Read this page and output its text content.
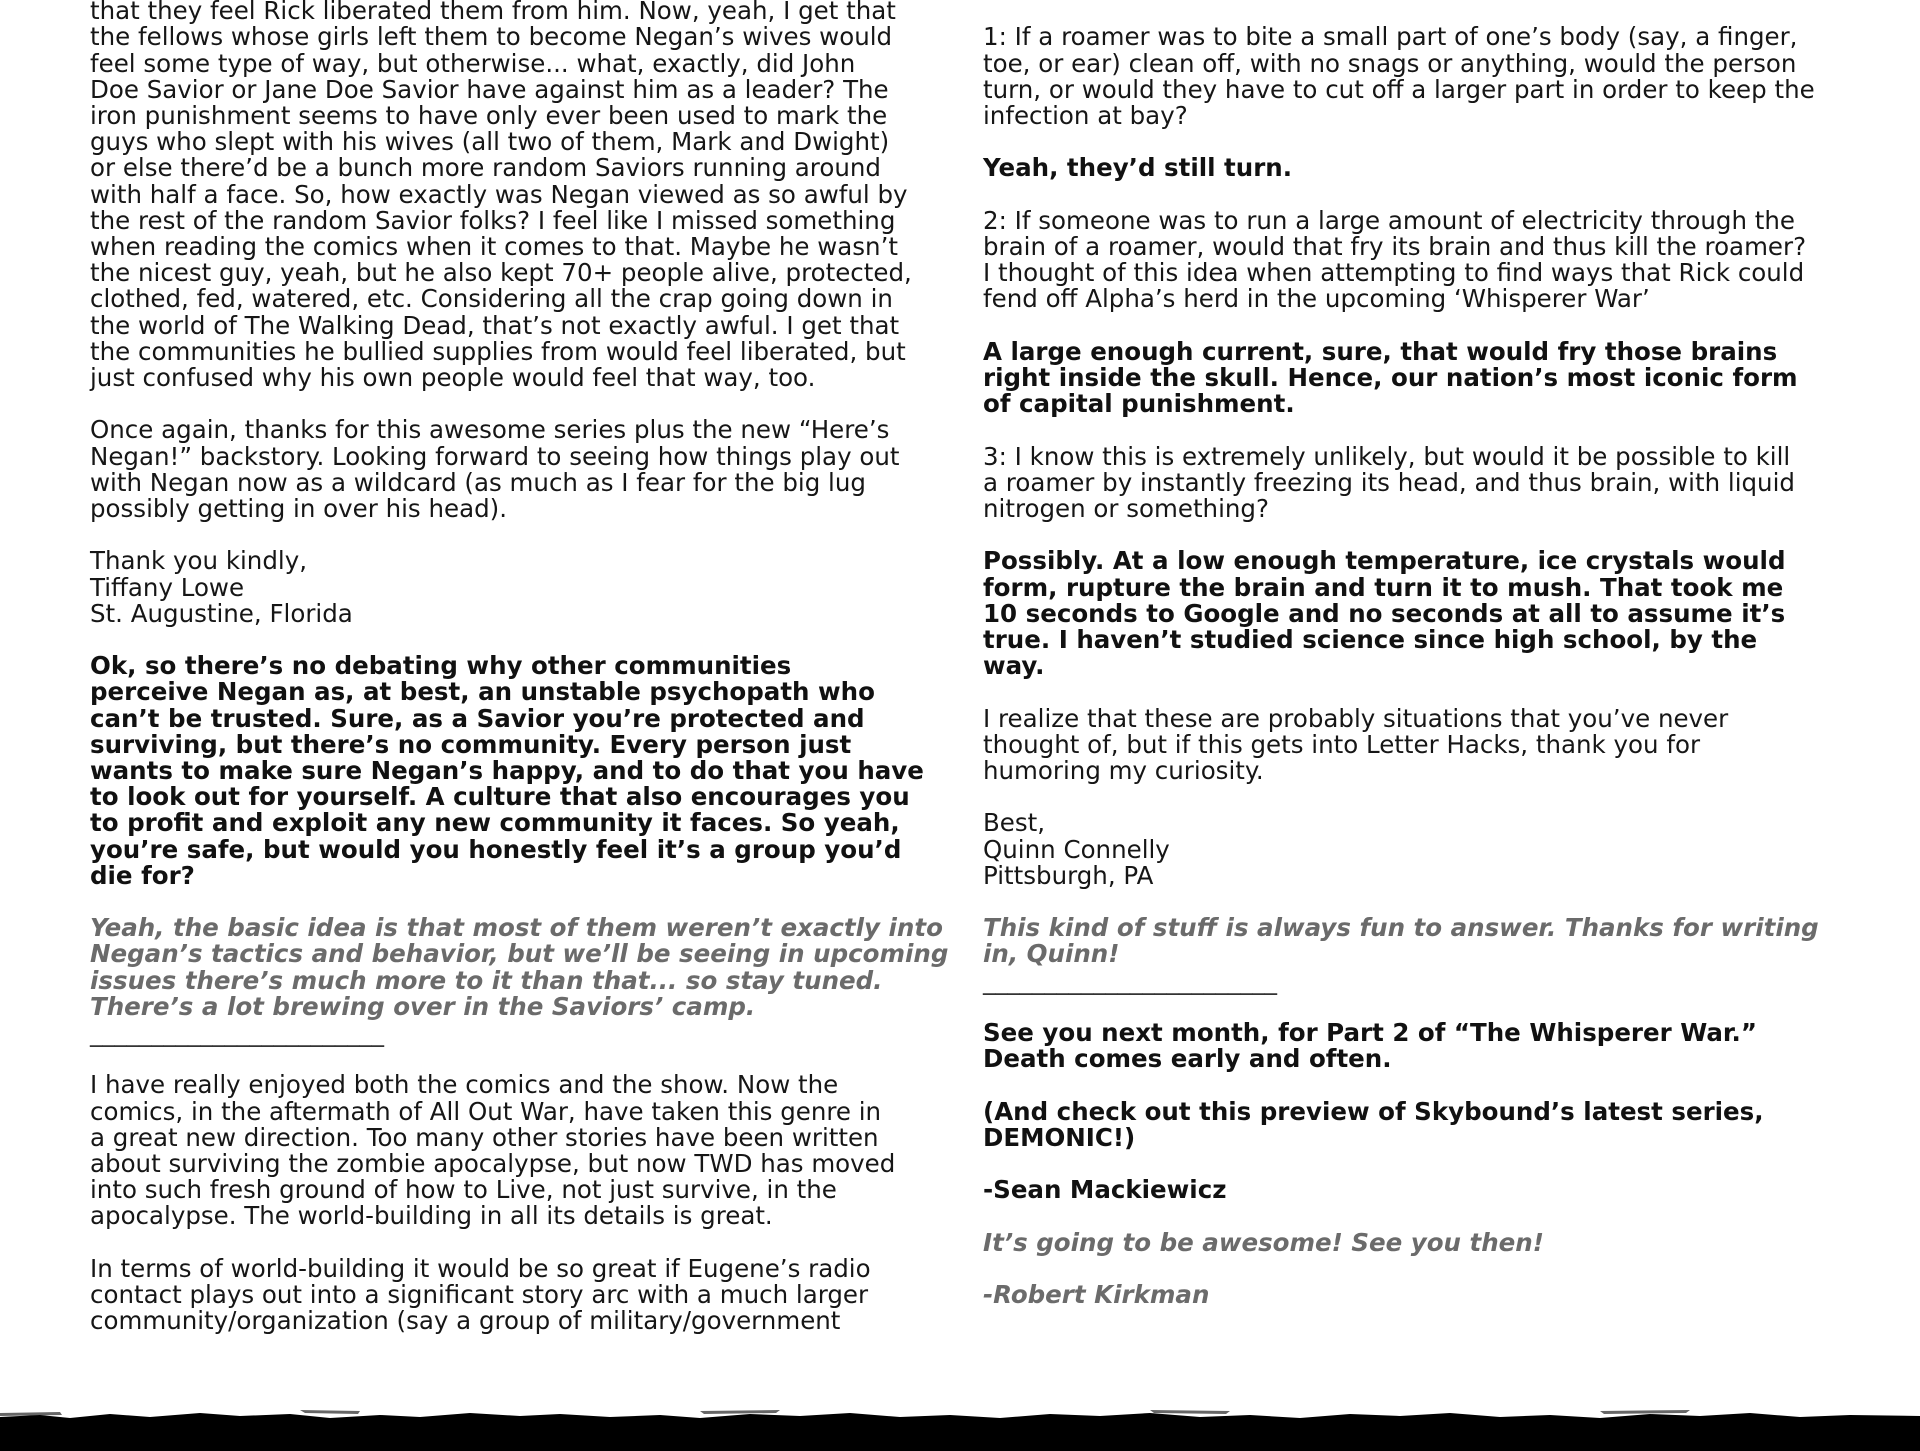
that they feel Rick liberated them from him. Now, yeah, I get that
the fellows whose girls left them to become Negan’s wives would
feel some type of way, but otherwise... what, exactly, did John
Doe Savior or Jane Doe Savior have against him as a leader? The
iron punishment seems to have only ever been used to mark the
guys who slept with his wives (all two of them, Mark and Dwight)
or else there’d be a bunch more random Saviors running around
with half a face. So, how exactly was Negan viewed as so awful by
the rest of the random Savior folks? I feel like I missed something
when reading the comics when it comes to that. Maybe he wasn’t
the nicest guy, yeah, but he also kept 70+ people alive, protected,
clothed, fed, watered, etc. Considering all the crap going down in
the world of The Walking Dead, that’s not exactly awful. I get that
the communities he bullied supplies from would feel liberated, but
just confused why his own people would feel that way, too.

Once again, thanks for this awesome series plus the new “Here’s
Negan!” backstory. Looking forward to seeing how things play out
with Negan now as a wildcard (as much as I fear for the big lug
possibly getting in over his head).

Thank you kindly,

Tiffany Lowe

St. Augustine, Florida

Ok, so there’s no debating why other communities
perceive Negan as, at best, an unstable psychopath who
can’t be trusted. Sure, as a Savior you’re protected and
surviving, but there’s no community. Every person just
wants to make sure Negan’s happy, and to do that you have
to look out for yourself. A culture that also encourages you
to profit and exploit any new community it faces. So yeah,
you’re safe, but would you honestly feel it’s a group you’d
die for?

Yeah, the basic idea is that most of them weren’t exactly into
Negan’s tactics and behavior, but we’ll be seeing in upcoming
issues there’s much more to it than that... so stay tuned.
There’s a lot brewing over in the Saviors’ camp.

________________________

I have really enjoyed both the comics and the show. Now the
comics, in the aftermath of All Out War, have taken this genre in
a great new direction. Too many other stories have been written
about surviving the zombie apocalypse, but now TWD has moved
into such fresh ground of how to Live, not just survive, in the
apocalypse. The world-building in all its details is great.

In terms of world-building it would be so great if Eugene’s radio
contact plays out into a significant story arc with a much larger
community/organization (say a group of military/government

1: If a roamer was to bite a small part of one’s body (say, a finger,
toe, or ear) clean off, with no snags or anything, would the person
turn, or would they have to cut off a larger part in order to keep the
infection at bay?

Yeah, they’d still turn.

2: If someone was to run a large amount of electricity through the
brain of a roamer, would that fry its brain and thus kill the roamer?
I thought of this idea when attempting to find ways that Rick could
fend off Alpha’s herd in the upcoming ‘Whisperer War’

A large enough current, sure, that would fry those brains
right inside the skull. Hence, our nation’s most iconic form
of capital punishment.

3: I know this is extremely unlikely, but would it be possible to kill
a roamer by instantly freezing its head, and thus brain, with liquid
nitrogen or something?

Possibly. At a low enough temperature, ice crystals would
form, rupture the brain and turn it to mush. That took me
10 seconds to Google and no seconds at all to assume it’s
true. I haven’t studied science since high school, by the
way.

I realize that these are probably situations that you’ve never
thought of, but if this gets into Letter Hacks, thank you for
humoring my curiosity.

Best,

Quinn Connelly

Pittsburgh, PA

This kind of stuff is always fun to answer. Thanks for writing
in, Quinn!

________________________

See you next month, for Part 2 of “The Whisperer War.”
Death comes early and often.

(And check out this preview of Skybound’s latest series,
DEMONIC!)

-Sean Mackiewicz

It’s going to be awesome! See you then!

-Robert Kirkman
